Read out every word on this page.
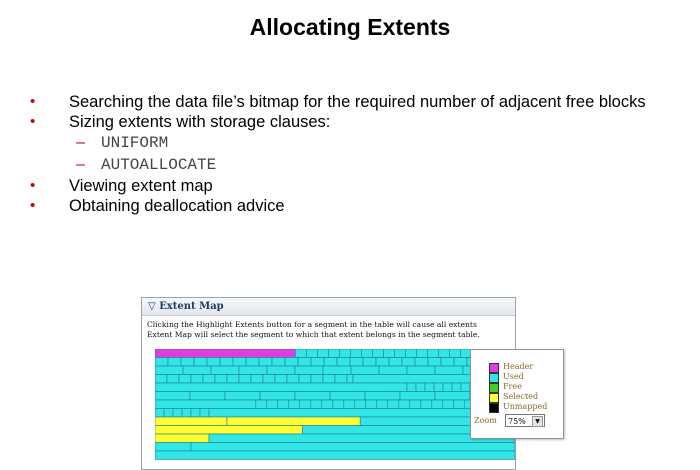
Allocating Extents
• Searching the data file’s bitmap for the required number of adjacent free blocks
• Sizing extents with storage clauses:
– UNIFORM
– AUTOALLOCATE
• Viewing extent map
• Obtaining deallocation advice
▽ Extent Map
Clicking the Highlight Extents button for a segment in the table will cause all extents
Extent Map will select the segment to which that extent belongs in the segment table.
Header
Used
Free
Selected
Unmapped
Zoom	75%	▼
